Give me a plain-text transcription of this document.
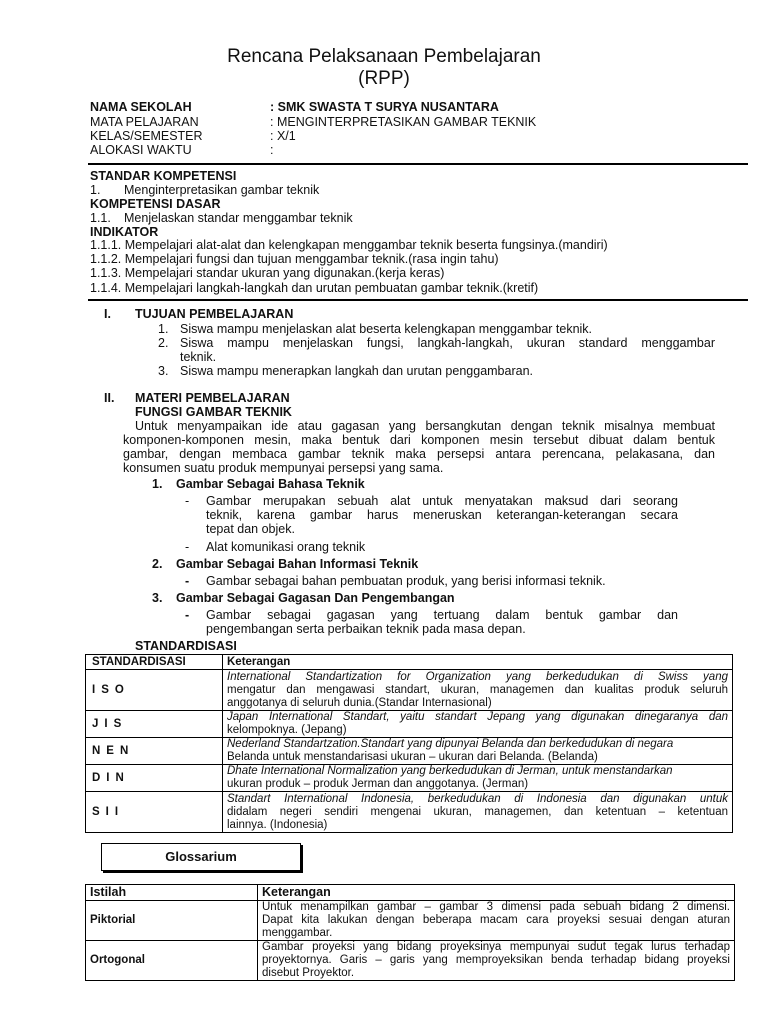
Rencana Pelaksanaan Pembelajaran
(RPP)
NAMA SEKOLAH	: SMK SWASTA T SURYA NUSANTARA
MATA PELAJARAN	: MENGINTERPRETASIKAN GAMBAR TEKNIK
KELAS/SEMESTER	: X/1
ALOKASI WAKTU	:
STANDAR KOMPETENSI
1. Menginterpretasikan gambar teknik
KOMPETENSI DASAR
1.1. Menjelaskan standar menggambar teknik
INDIKATOR
1.1.1. Mempelajari alat-alat dan kelengkapan menggambar teknik beserta fungsinya.(mandiri)
1.1.2. Mempelajari fungsi dan tujuan menggambar teknik.(rasa ingin tahu)
1.1.3. Mempelajari standar ukuran yang digunakan.(kerja keras)
1.1.4. Mempelajari langkah-langkah dan urutan pembuatan gambar teknik.(kretif)
I. TUJUAN PEMBELAJARAN
1. Siswa mampu menjelaskan alat beserta kelengkapan menggambar teknik.
2. Siswa mampu menjelaskan fungsi, langkah-langkah, ukuran standard menggambar
teknik.
3. Siswa mampu menerapkan langkah dan urutan penggambaran.
II. MATERI PEMBELAJARAN
FUNGSI GAMBAR TEKNIK
Untuk menyampaikan ide atau gagasan yang bersangkutan dengan teknik misalnya membuat
komponen-komponen mesin, maka bentuk dari komponen mesin tersebut dibuat dalam bentuk
gambar, dengan membaca gambar teknik maka persepsi antara perencana, pelakasana, dan
konsumen suatu produk mempunyai persepsi yang sama.
1. Gambar Sebagai Bahasa Teknik
- Gambar merupakan sebuah alat untuk menyatakan maksud dari seorang
teknik, karena gambar harus meneruskan keterangan-keterangan secara
tepat dan objek.
- Alat komunikasi orang teknik
2. Gambar Sebagai Bahan Informasi Teknik
- Gambar sebagai bahan pembuatan produk, yang berisi informasi teknik.
3. Gambar Sebagai Gagasan Dan Pengembangan
- Gambar sebagai gagasan yang tertuang dalam bentuk gambar dan
pengembangan serta perbaikan teknik pada masa depan.
STANDARDISASI
STANDARDISASI	Keterangan
ISO	International Standartization for Organization yang berkedudukan di Swiss yang
mengatur dan mengawasi standart, ukuran, managemen dan kualitas produk seluruh
anggotanya di seluruh dunia.(Standar Internasional)

JIS	Japan International Standart, yaitu standart Jepang yang digunakan dinegaranya dan
kelompoknya. (Jepang)

NEN	Nederland Standartzation.Standart yang dipunyai Belanda dan berkedudukan di negara
Belanda untuk menstandarisasi ukuran – ukuran dari Belanda. (Belanda)

DIN	Dhate International Normalization yang berkedudukan di Jerman, untuk menstandarkan
ukuran produk – produk Jerman dan anggotanya. (Jerman)

SII	Standart International Indonesia, berkedudukan di Indonesia dan digunakan untuk
didalam negeri sendiri mengenai ukuran, managemen, dan ketentuan – ketentuan
lainnya. (Indonesia)
Glossarium
Istilah	Keterangan
Piktorial	Untuk menampilkan gambar – gambar 3 dimensi pada sebuah bidang 2 dimensi.
Dapat kita lakukan dengan beberapa macam cara proyeksi sesuai dengan aturan
menggambar.

Ortogonal	Gambar proyeksi yang bidang proyeksinya mempunyai sudut tegak lurus terhadap
proyektornya. Garis – garis yang memproyeksikan benda terhadap bidang proyeksi
disebut Proyektor.
